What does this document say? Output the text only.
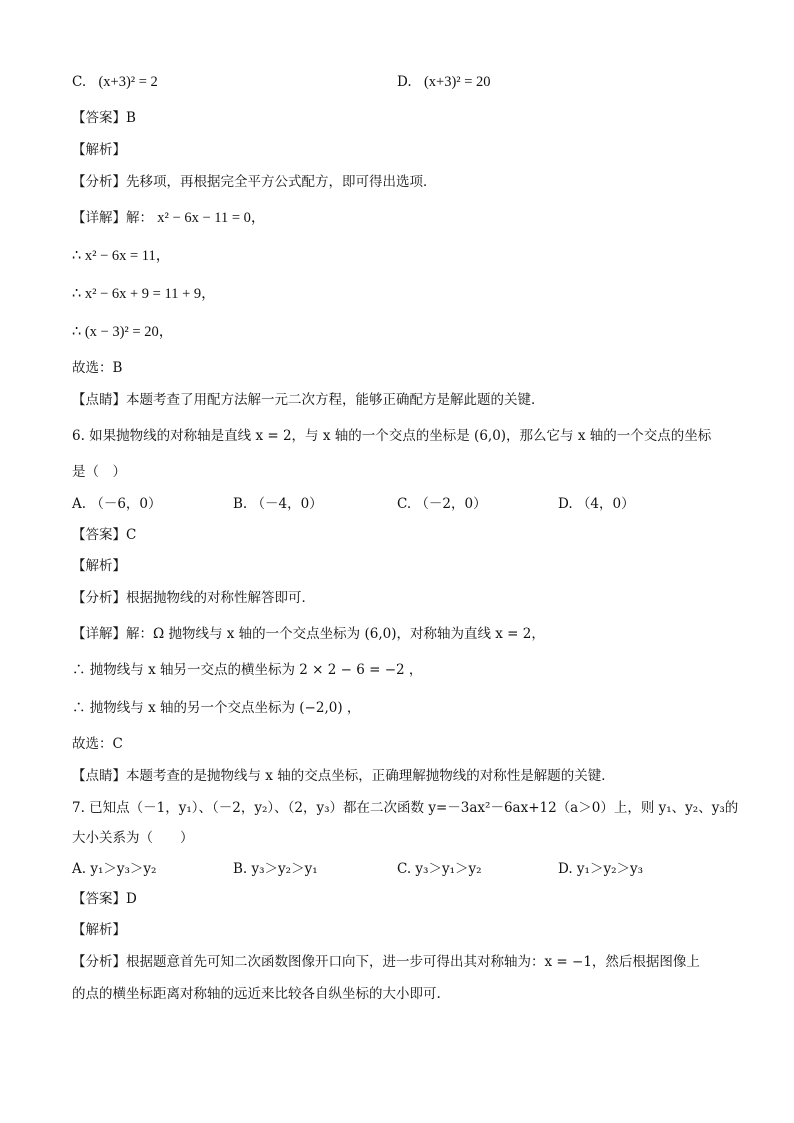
C. (x+3)² = 2	D. (x+3)² = 20
【答案】B
【解析】
【分析】先移项，再根据完全平方公式配方，即可得出选项．
【详解】解： x² − 6x − 11 = 0，
∴ x² − 6x = 11，
∴ x² − 6x + 9 = 11 + 9，
∴ (x − 3)² = 20，
故选：B
【点睛】本题考查了用配方法解一元二次方程，能够正确配方是解此题的关键．
6. 如果抛物线的对称轴是直线 x = 2，与 x 轴的一个交点的坐标是 (6,0)，那么它与 x 轴的一个交点的坐标
是（　）
A. （－6，0）	B. （－4，0）	C. （－2，0）	D. （4，0）
【答案】C
【解析】
【分析】根据抛物线的对称性解答即可．
【详解】解：Ω 抛物线与 x 轴的一个交点坐标为 (6,0)，对称轴为直线 x = 2，
∴ 抛物线与 x 轴另一交点的横坐标为 2 × 2 − 6 = −2 ，
∴ 抛物线与 x 轴的另一个交点坐标为 (−2,0) ，
故选：C
【点睛】本题考查的是抛物线与 x 轴的交点坐标，正确理解抛物线的对称性是解题的关键．
7. 已知点（－1，y₁）、（－2，y₂）、（2，y₃）都在二次函数 y=－3ax²－6ax+12（a＞0）上，则 y₁、y₂、y₃的
大小关系为（　　）
A. y₁＞y₃＞y₂	B. y₃＞y₂＞y₁	C. y₃＞y₁＞y₂	D. y₁＞y₂＞y₃
【答案】D
【解析】
【分析】根据题意首先可知二次函数图像开口向下，进一步可得出其对称轴为：x = −1，然后根据图像上
的点的横坐标距离对称轴的远近来比较各自纵坐标的大小即可.
